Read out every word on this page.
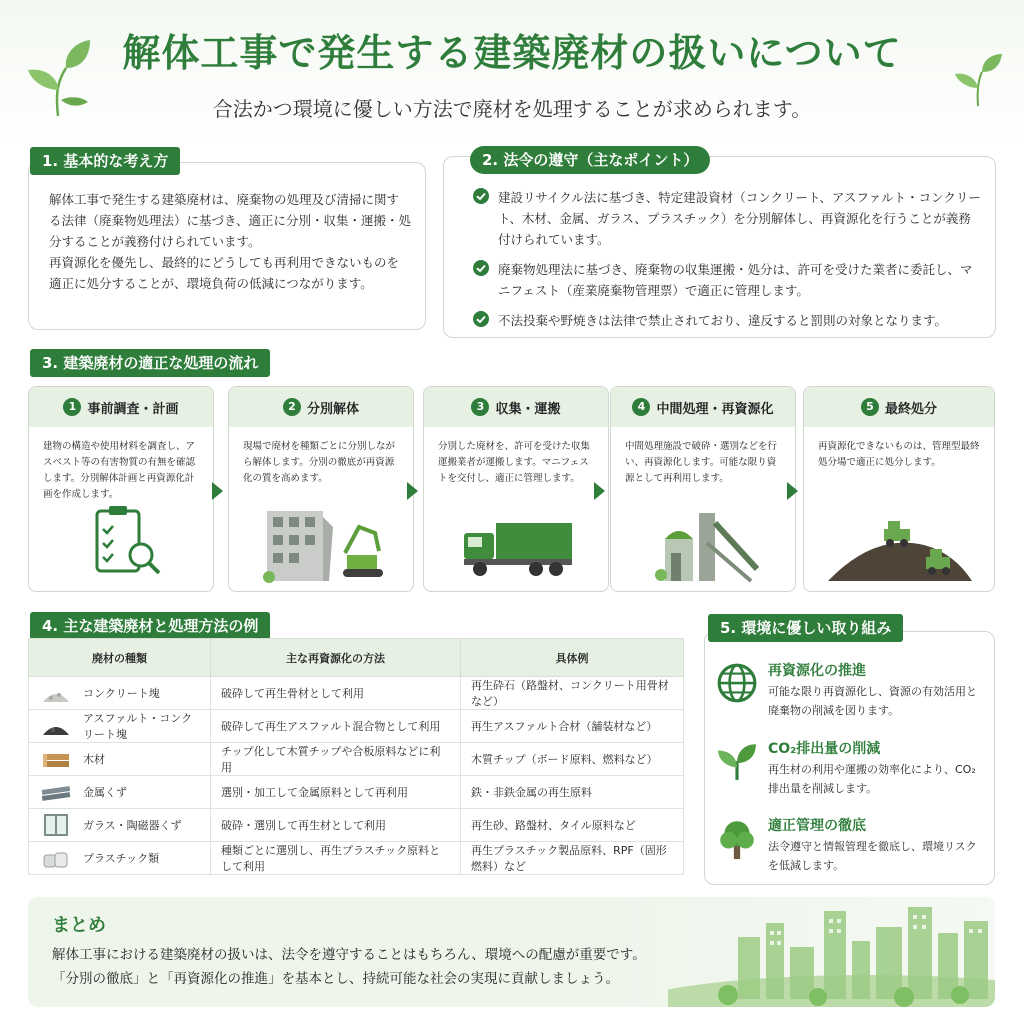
解体工事で発生する建築廃材の扱いについて
合法かつ環境に優しい方法で廃材を処理することが求められます。
解体工事で発生する建築廃材は、廃棄物の処理及び清掃に関する法律（廃棄物処理法）に基づき、適正に分別・収集・運搬・処分することが義務付けられています。
再資源化を優先し、最終的にどうしても再利用できないものを適正に処分することが、環境負荷の低減につながります。
1. 基本的な考え方
建設リサイクル法に基づき、特定建設資材（コンクリート、アスファルト・コンクリート、木材、金属、ガラス、プラスチック）を分別解体し、再資源化を行うことが義務付けられています。
廃棄物処理法に基づき、廃棄物の収集運搬・処分は、許可を受けた業者に委託し、マニフェスト（産業廃棄物管理票）で適正に管理します。
不法投棄や野焼きは法律で禁止されており、違反すると罰則の対象となります。
2. 法令の遵守（主なポイント）
3. 建築廃材の適正な処理の流れ
1 事前調査・計画
建物の構造や使用材料を調査し、アスベスト等の有害物質の有無を確認します。分別解体計画と再資源化計画を作成します。
2 分別解体
現場で廃材を種類ごとに分別しながら解体します。分別の徹底が再資源化の質を高めます。
3 収集・運搬
分別した廃材を、許可を受けた収集運搬業者が運搬します。マニフェストを交付し、適正に管理します。
4 中間処理・再資源化
中間処理施設で破砕・選別などを行い、再資源化します。可能な限り資源として再利用します。
5 最終処分
再資源化できないものは、管理型最終処分場で適正に処分します。
4. 主な建築廃材と処理方法の例
廃材の種類	主な再資源化の方法	具体例

コンクリート塊	破砕して再生骨材として利用	再生砕石（路盤材、コンクリート用骨材など）

アスファルト・コンクリート塊	破砕して再生アスファルト混合物として利用	再生アスファルト合材（舗装材など）

木材	チップ化して木質チップや合板原料などに利用	木質チップ（ボード原料、燃料など）

金属くず	選別・加工して金属原料として再利用	鉄・非鉄金属の再生原料

ガラス・陶磁器くず	破砕・選別して再生材として利用	再生砂、路盤材、タイル原料など

プラスチック類	種類ごとに選別し、再生プラスチック原料として利用	再生プラスチック製品原料、RPF（固形燃料）など
5. 環境に優しい取り組み
再資源化の推進
可能な限り再資源化し、資源の有効活用と廃棄物の削減を図ります。
CO₂排出量の削減
再生材の利用や運搬の効率化により、CO₂排出量を削減します。
適正管理の徹底
法令遵守と情報管理を徹底し、環境リスクを低減します。
まとめ
解体工事における建築廃材の扱いは、法令を遵守することはもちろん、環境への配慮が重要です。
「分別の徹底」と「再資源化の推進」を基本とし、持続可能な社会の実現に貢献しましょう。
